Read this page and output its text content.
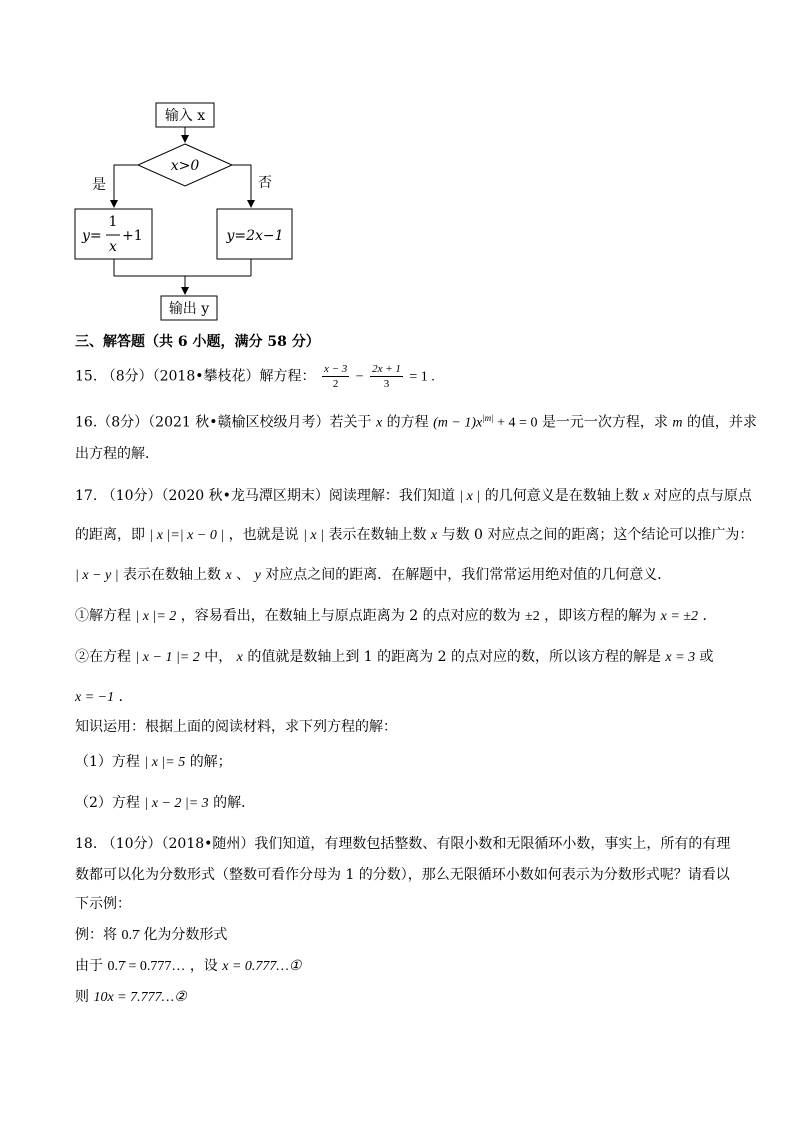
输入 x
x>0
是	否
y=
1
x
+1	y=2x−1
输出 y
三、解答题（共 6 小题，满分 58 分）
15. （8分）（2018•攀枝花）解方程： $\frac{x - 3}{2} - \frac{2x + 1}{3} = 1$ .
16.（8分）（2021 秋•赣榆区校级月考）若关于 x 的方程 $(m - 1)x^{|m|} + 4 = 0$ 是一元一次方程，求 m 的值，并求
出方程的解．
17. （10分）（2020 秋•龙马潭区期末）阅读理解：我们知道 | x | 的几何意义是在数轴上数 x 对应的点与原点
的距离，即 | x |=| x − 0 | ，也就是说 | x | 表示在数轴上数 x 与数 0 对应点之间的距离；这个结论可以推广为：
| x − y | 表示在数轴上数 x 、 y 对应点之间的距离．在解题中，我们常常运用绝对值的几何意义．
①解方程 | x |= 2 ，容易看出，在数轴上与原点距离为 2 的点对应的数为 ±2 ，即该方程的解为 x = ±2 ．
②在方程 | x − 1 |= 2 中， x 的值就是数轴上到 1 的距离为 2 的点对应的数，所以该方程的解是 x = 3 或
x = −1 ．
知识运用：根据上面的阅读材料，求下列方程的解：
（1）方程 | x |= 5 的解；
（2）方程 | x − 2 |= 3 的解．
18. （10分）（2018•随州）我们知道，有理数包括整数、有限小数和无限循环小数，事实上，所有的有理
数都可以化为分数形式（整数可看作分母为 1 的分数），那么无限循环小数如何表示为分数形式呢？请看以
下示例：
例：将 0.7̇ 化为分数形式
由于 0.7̇ = 0.777… ，设 x = 0.777…①
则 10x = 7.777…②
